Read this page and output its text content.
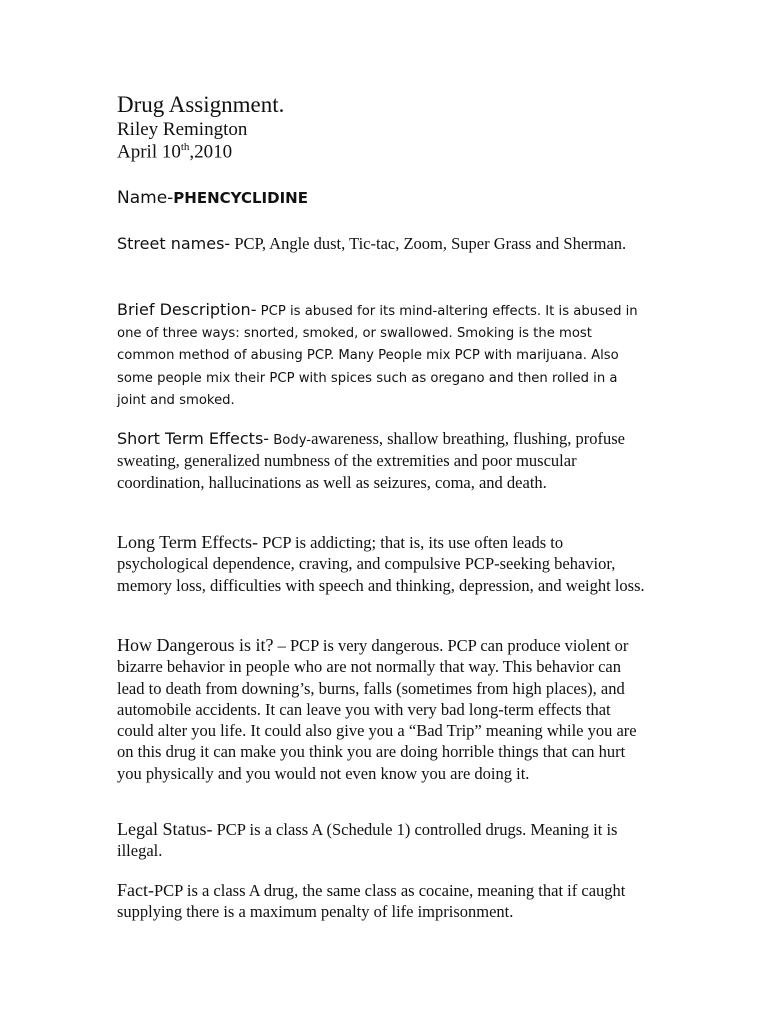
Drug Assignment.
Riley Remington
April 10th,2010
Name-PHENCYCLIDINE
Street names- PCP, Angle dust, Tic-tac, Zoom, Super Grass and Sherman.
Brief Description- PCP is abused for its mind-altering effects. It is abused in one of three ways: snorted, smoked, or swallowed. Smoking is the most common method of abusing PCP. Many People mix PCP with marijuana. Also some people mix their PCP with spices such as oregano and then rolled in a joint and smoked.
Short Term Effects- Body-awareness, shallow breathing, flushing, profuse sweating, generalized numbness of the extremities and poor muscular coordination, hallucinations as well as seizures, coma, and death.
Long Term Effects- PCP is addicting; that is, its use often leads to psychological dependence, craving, and compulsive PCP-seeking behavior, memory loss, difficulties with speech and thinking, depression, and weight loss.
How Dangerous is it? – PCP is very dangerous. PCP can produce violent or bizarre behavior in people who are not normally that way. This behavior can lead to death from downing’s, burns, falls (sometimes from high places), and automobile accidents. It can leave you with very bad long-term effects that could alter you life. It could also give you a “Bad Trip” meaning while you are on this drug it can make you think you are doing horrible things that can hurt you physically and you would not even know you are doing it.
Legal Status- PCP is a class A (Schedule 1) controlled drugs. Meaning it is illegal.
Fact-PCP is a class A drug, the same class as cocaine, meaning that if caught supplying there is a maximum penalty of life imprisonment.
